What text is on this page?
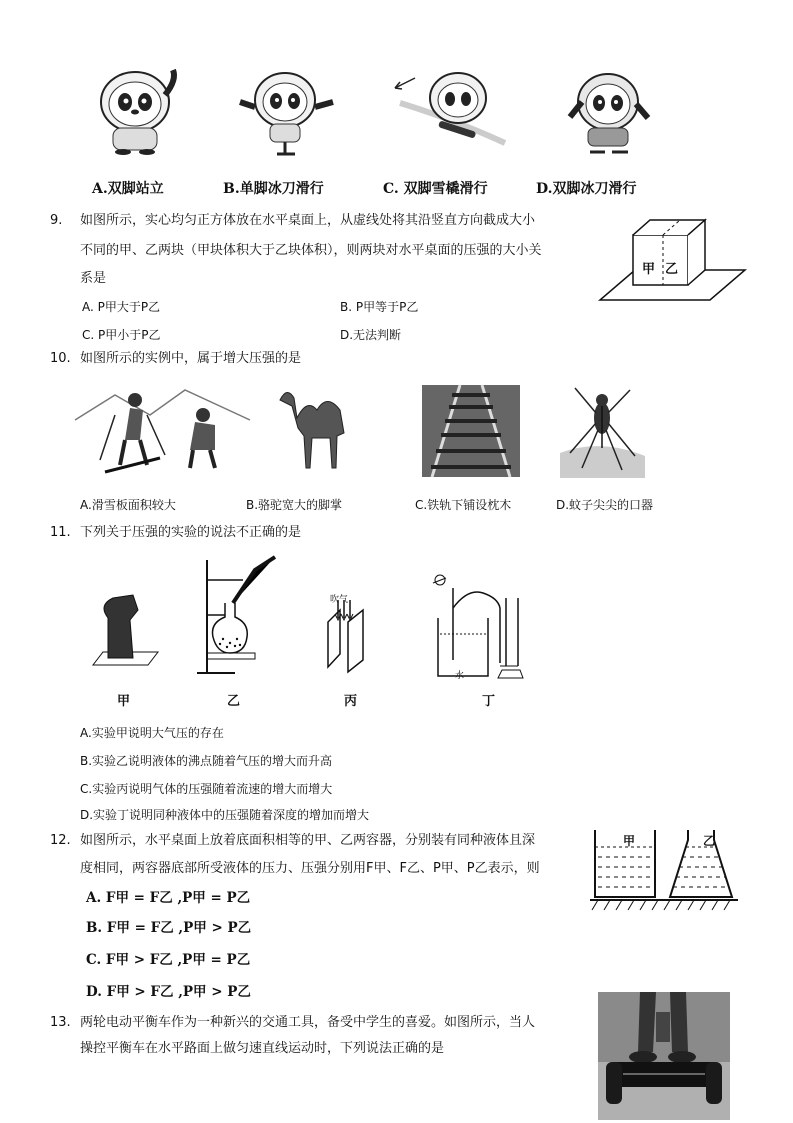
A.双脚站立	B.单脚冰刀滑行	C. 双脚雪橇滑行	D.双脚冰刀滑行
9. 如图所示，实心均匀正方体放在水平桌面上，从虚线处将其沿竖直方向截成大小
不同的甲、乙两块（甲块体积大于乙块体积），则两块对水平桌面的压强的大小关
系是
A. P甲大于P乙	B. P甲等于P乙
C. P甲小于P乙	D.无法判断
甲 乙
10. 如图所示的实例中，属于增大压强的是
A.滑雪板面积较大	B.骆驼宽大的脚掌	C.铁轨下铺设枕木	D.蚊子尖尖的口器
11. 下列关于压强的实验的说法不正确的是
吹气
水
甲	乙	丙	丁
A.实验甲说明大气压的存在
B.实验乙说明液体的沸点随着气压的增大而升高
C.实验丙说明气体的压强随着流速的增大而增大
D.实验丁说明同种液体中的压强随着深度的增加而增大
12. 如图所示，水平桌面上放着底面积相等的甲、乙两容器，分别装有同种液体且深
度相同，两容器底部所受液体的压力、压强分别用F甲、F乙、P甲、P乙表示，则
A. F甲 = F乙 ,P甲 = P乙
B. F甲 = F乙 ,P甲 > P乙
C. F甲 > F乙 ,P甲 = P乙
D. F甲 > F乙 ,P甲 > P乙
甲	乙
13. 两轮电动平衡车作为一种新兴的交通工具，备受中学生的喜爱。如图所示，当人
操控平衡车在水平路面上做匀速直线运动时，下列说法正确的是
